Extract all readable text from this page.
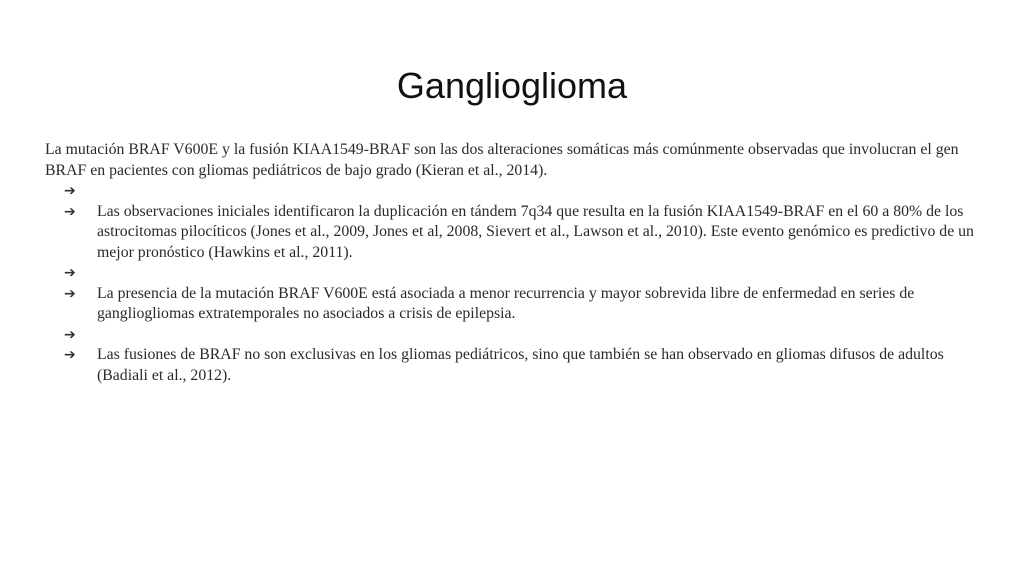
Ganglioglioma

La mutación BRAF V600E y la fusión KIAA1549-BRAF son las dos alteraciones somáticas más comúnmente observadas que involucran el gen BRAF en pacientes con gliomas pediátricos de bajo grado (Kieran et al., 2014).

➔
➔ Las observaciones iniciales identificaron la duplicación en tándem 7q34 que resulta en la fusión KIAA1549-BRAF en el 60 a 80% de los astrocitomas pilocíticos (Jones et al., 2009, Jones et al, 2008, Sievert et al., Lawson et al., 2010). Este evento genómico es predictivo de un mejor pronóstico (Hawkins et al., 2011).
➔
➔ La presencia de la mutación BRAF V600E está asociada a menor recurrencia y mayor sobrevida libre de enfermedad en series de gangliogliomas extratemporales no asociados a crisis de epilepsia.
➔
➔ Las fusiones de BRAF no son exclusivas en los gliomas pediátricos, sino que también se han observado en gliomas difusos de adultos (Badiali et al., 2012).
